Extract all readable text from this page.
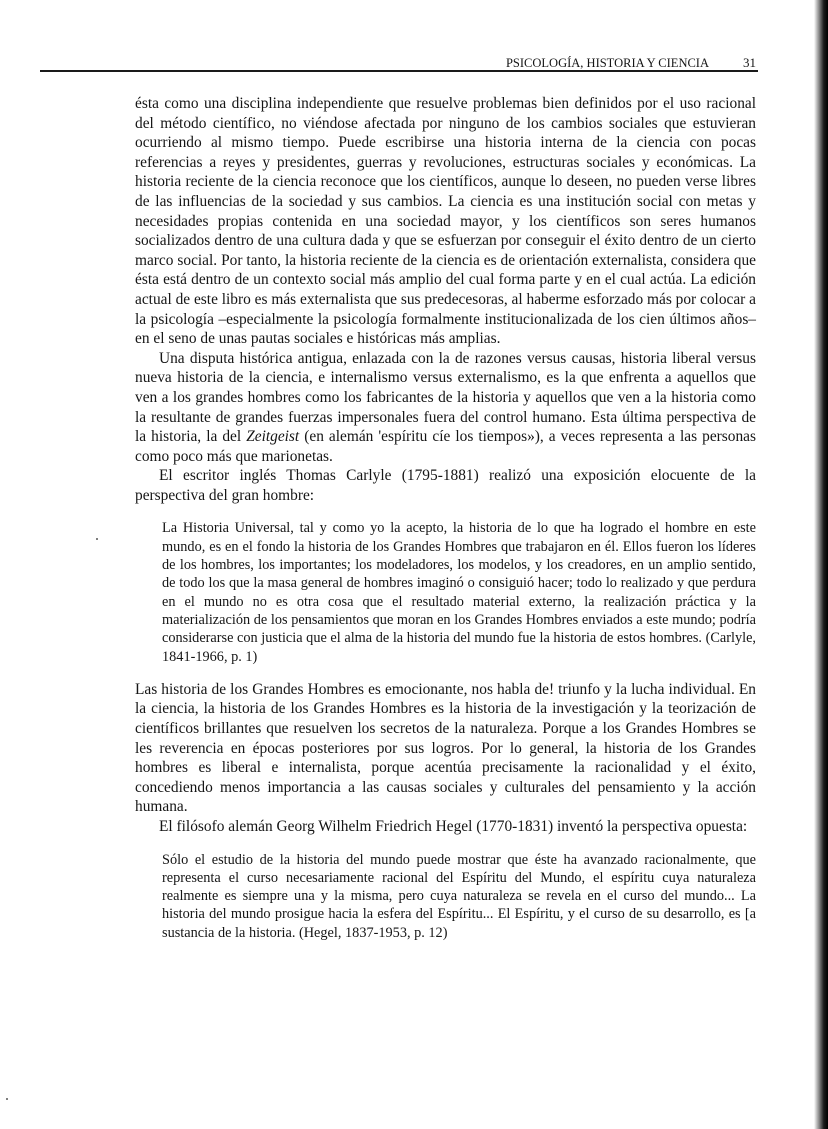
PSICOLOGÍA, HISTORIA Y CIENCIA	31

ésta como una disciplina independiente que resuelve problemas bien definidos por el uso racional del método científico, no viéndose afectada por ninguno de los cambios sociales que estuvieran ocurriendo al mismo tiempo. Puede escribirse una historia interna de la ciencia con pocas referencias a reyes y presidentes, guerras y revoluciones, estructuras sociales y económicas. La historia reciente de la ciencia reconoce que los científicos, aunque lo deseen, no pueden verse libres de las influencias de la sociedad y sus cambios. La ciencia es una institución social con metas y necesidades propias contenida en una sociedad mayor, y los científicos son seres humanos socializados dentro de una cultura dada y que se esfuerzan por conseguir el éxito dentro de un cierto marco social. Por tanto, la historia reciente de la ciencia es de orientación externalista, considera que ésta está dentro de un contexto social más amplio del cual forma parte y en el cual actúa. La edición actual de este libro es más externalista que sus predecesoras, al haberme esforzado más por colocar a la psicología –especialmente la psicología formalmente institucionalizada de los cien últimos años– en el seno de unas pautas sociales e históricas más amplias.

Una disputa histórica antigua, enlazada con la de razones versus causas, historia liberal versus nueva historia de la ciencia, e internalismo versus externalismo, es la que enfrenta a aquellos que ven a los grandes hombres como los fabricantes de la historia y aquellos que ven a la historia como la resultante de grandes fuerzas impersonales fuera del control humano. Esta última perspectiva de la historia, la del Zeitgeist (en alemán 'espíritu cíe los tiempos»), a veces representa a las personas como poco más que marionetas.

El escritor inglés Thomas Carlyle (1795-1881) realizó una exposición elocuente de la perspectiva del gran hombre:

La Historia Universal, tal y como yo la acepto, la historia de lo que ha logrado el hombre en este mundo, es en el fondo la historia de los Grandes Hombres que trabajaron en él. Ellos fueron los líderes de los hombres, los importantes; los modeladores, los modelos, y los creadores, en un amplio sentido, de todo los que la masa general de hombres imaginó o consiguió hacer; todo lo realizado y que perdura en el mundo no es otra cosa que el resultado material externo, la realización práctica y la materialización de los pensamientos que moran en los Grandes Hombres enviados a este mundo; podría considerarse con justicia que el alma de la historia del mundo fue la historia de estos hombres. (Carlyle, 1841-1966, p. 1)

Las historia de los Grandes Hombres es emocionante, nos habla de! triunfo y la lucha individual. En la ciencia, la historia de los Grandes Hombres es la historia de la investigación y la teorización de científicos brillantes que resuelven los secretos de la naturaleza. Porque a los Grandes Hombres se les reverencia en épocas posteriores por sus logros. Por lo general, la historia de los Grandes hombres es liberal e internalista, porque acentúa precisamente la racionalidad y el éxito, concediendo menos importancia a las causas sociales y culturales del pensamiento y la acción humana.

El filósofo alemán Georg Wilhelm Friedrich Hegel (1770-1831) inventó la perspectiva opuesta:

Sólo el estudio de la historia del mundo puede mostrar que éste ha avanzado racionalmente, que representa el curso necesariamente racional del Espíritu del Mundo, el espíritu cuya naturaleza realmente es siempre una y la misma, pero cuya naturaleza se revela en el curso del mundo... La historia del mundo prosigue hacia la esfera del Espíritu... El Espíritu, y el curso de su desarrollo, es [a sustancia de la historia. (Hegel, 1837-1953, p. 12)
